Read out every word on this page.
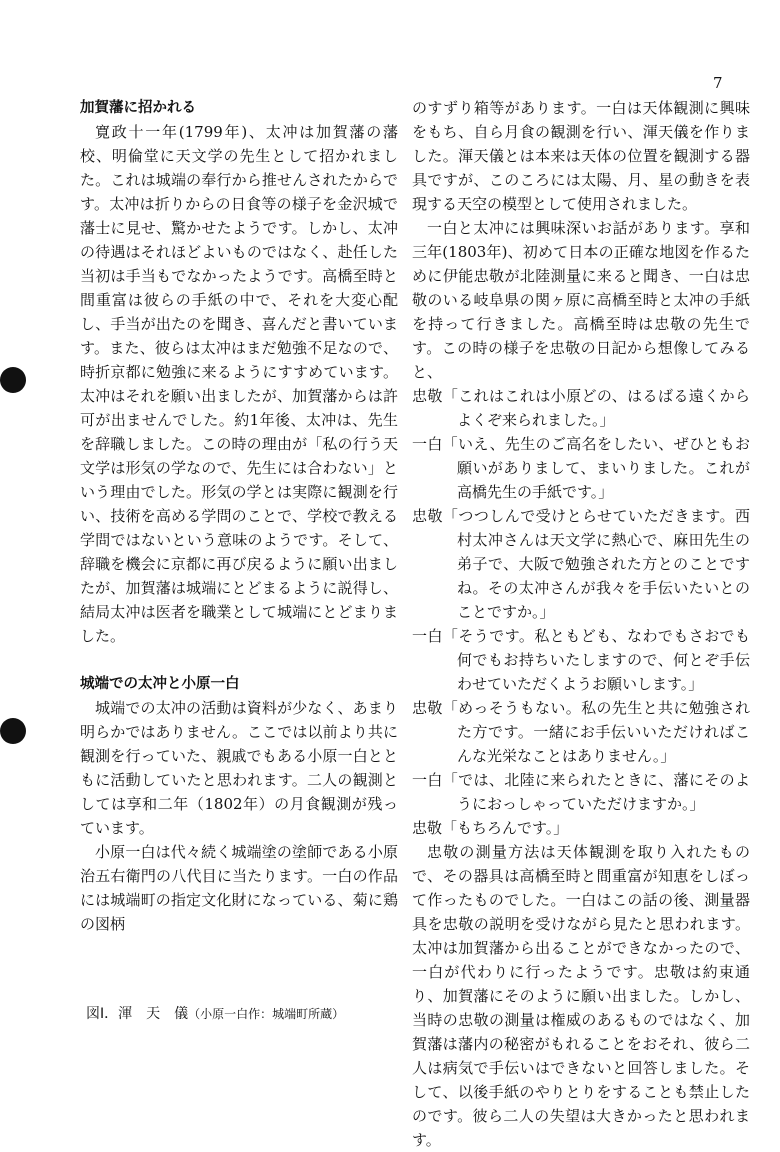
7
加賀藩に招かれる

寛政十一年(1799年)、太冲は加賀藩の藩校、明倫堂に天文学の先生として招かれました。これは城端の奉行から推せんされたからです。太冲は折りからの日食等の様子を金沢城で藩士に見せ、驚かせたようです。しかし、太冲の待遇はそれほどよいものではなく、赴任した当初は手当もでなかったようです。高橋至時と間重富は彼らの手紙の中で、それを大変心配し、手当が出たのを聞き、喜んだと書いています。また、彼らは太冲はまだ勉強不足なので、時折京都に勉強に来るようにすすめています。太冲はそれを願い出ましたが、加賀藩からは許可が出ませんでした。約1年後、太冲は、先生を辞職しました。この時の理由が「私の行う天文学は形気の学なので、先生には合わない」という理由でした。形気の学とは実際に観測を行い、技術を高める学問のことで、学校で教える学問ではないという意味のようです。そして、辞職を機会に京都に再び戻るように願い出ましたが、加賀藩は城端にとどまるように説得し、結局太冲は医者を職業として城端にとどまりました。

城端での太冲と小原一白

城端での太冲の活動は資料が少なく、あまり明らかではありません。ここでは以前より共に観測を行っていた、親戚でもある小原一白とともに活動していたと思われます。二人の観測としては享和二年（1802年）の月食観測が残っています。

小原一白は代々続く城端塗の塗師である小原治五右衛門の八代目に当たります。一白の作品には城端町の指定文化財になっている、菊に鶏の図柄

のすずり箱等があります。一白は天体観測に興味をもち、自ら月食の観測を行い、渾天儀を作りました。渾天儀とは本来は天体の位置を観測する器具ですが、このころには太陽、月、星の動きを表現する天空の模型として使用されました。

一白と太冲には興味深いお話があります。享和三年(1803年)、初めて日本の正確な地図を作るために伊能忠敬が北陸測量に来ると聞き、一白は忠敬のいる岐阜県の関ヶ原に高橋至時と太冲の手紙を持って行きました。高橋至時は忠敬の先生です。この時の様子を忠敬の日記から想像してみると、

忠敬「これはこれは小原どの、はるばる遠くからよくぞ来られました。」

一白「いえ、先生のご高名をしたい、ぜひともお願いがありまして、まいりました。これが高橋先生の手紙です。」

忠敬「つつしんで受けとらせていただきます。西村太冲さんは天文学に熱心で、麻田先生の弟子で、大阪で勉強された方とのことですね。その太冲さんが我々を手伝いたいとのことですか。」

一白「そうです。私ともども、なわでもさおでも何でもお持ちいたしますので、何とぞ手伝わせていただくようお願いします。」

忠敬「めっそうもない。私の先生と共に勉強された方です。一緒にお手伝いいただければこんな光栄なことはありません。」

一白「では、北陸に来られたときに、藩にそのようにおっしゃっていただけますか。」

忠敬「もちろんです。」

忠敬の測量方法は天体観測を取り入れたもので、その器具は高橋至時と間重富が知恵をしぼって作ったものでした。一白はこの話の後、測量器具を忠敬の説明を受けながら見たと思われます。太冲は加賀藩から出ることができなかったので、一白が代わりに行ったようです。忠敬は約束通り、加賀藩にそのように願い出ました。しかし、当時の忠敬の測量は権威のあるものではなく、加賀藩は藩内の秘密がもれることをおそれ、彼ら二人は病気で手伝いはできないと回答しました。そして、以後手紙のやりとりをすることも禁止したのです。彼ら二人の失望は大きかったと思われます。

図Ⅰ．渾　天　儀（小原一白作：城端町所蔵）
